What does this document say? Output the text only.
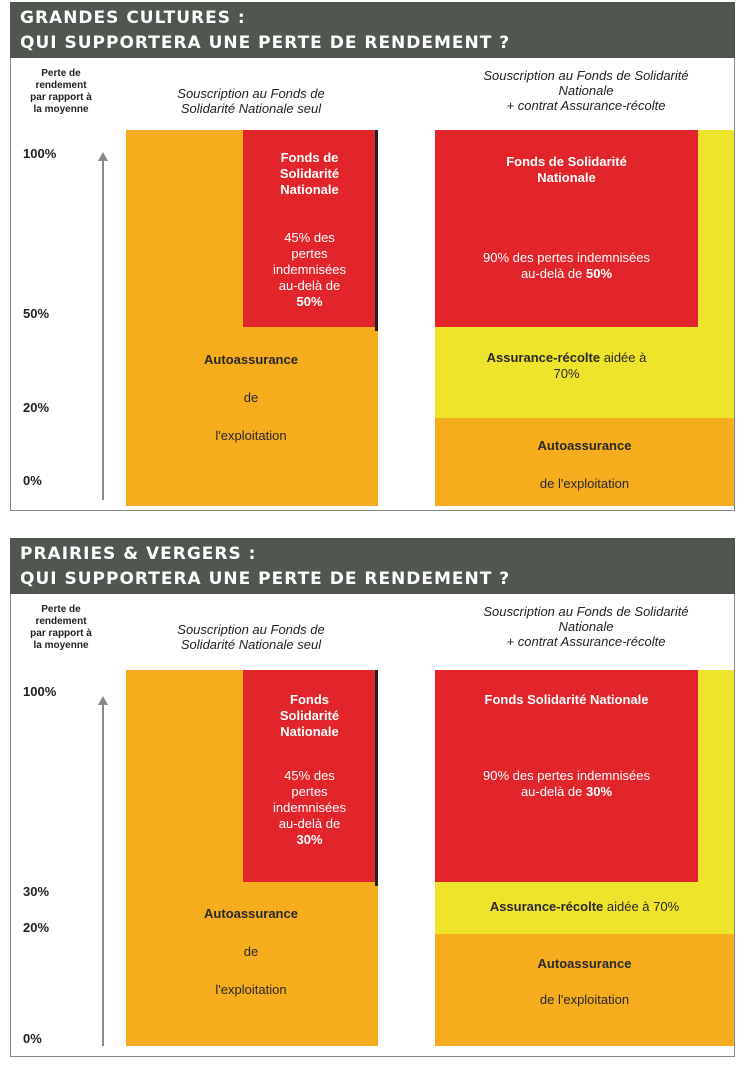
GRANDES CULTURES :
QUI SUPPORTERA UNE PERTE DE RENDEMENT ?
Perte de
rendement
par rapport à
la moyenne
100%
50%
20%
0%
Souscription au Fonds de
Solidarité Nationale seul
Fonds de
Solidarité
Nationale
45% des
pertes
indemnisées
au-delà de
50%
Autoassurance
de
l'exploitation
Souscription au Fonds de Solidarité
Nationale
+ contrat Assurance-récolte
Fonds de Solidarité
Nationale
90% des pertes indemnisées
au-delà de 50%
Assurance-récolte aidée à
70%
Autoassurance
de l'exploitation
PRAIRIES & VERGERS :
QUI SUPPORTERA UNE PERTE DE RENDEMENT ?
Perte de
rendement
par rapport à
la moyenne
100%
30%
20%
0%
Souscription au Fonds de
Solidarité Nationale seul
Fonds
Solidarité
Nationale
45% des
pertes
indemnisées
au-delà de
30%
Autoassurance
de
l'exploitation
Souscription au Fonds de Solidarité
Nationale
+ contrat Assurance-récolte
Fonds Solidarité Nationale
90% des pertes indemnisées
au-delà de 30%
Assurance-récolte aidée à 70%
Autoassurance
de l'exploitation
